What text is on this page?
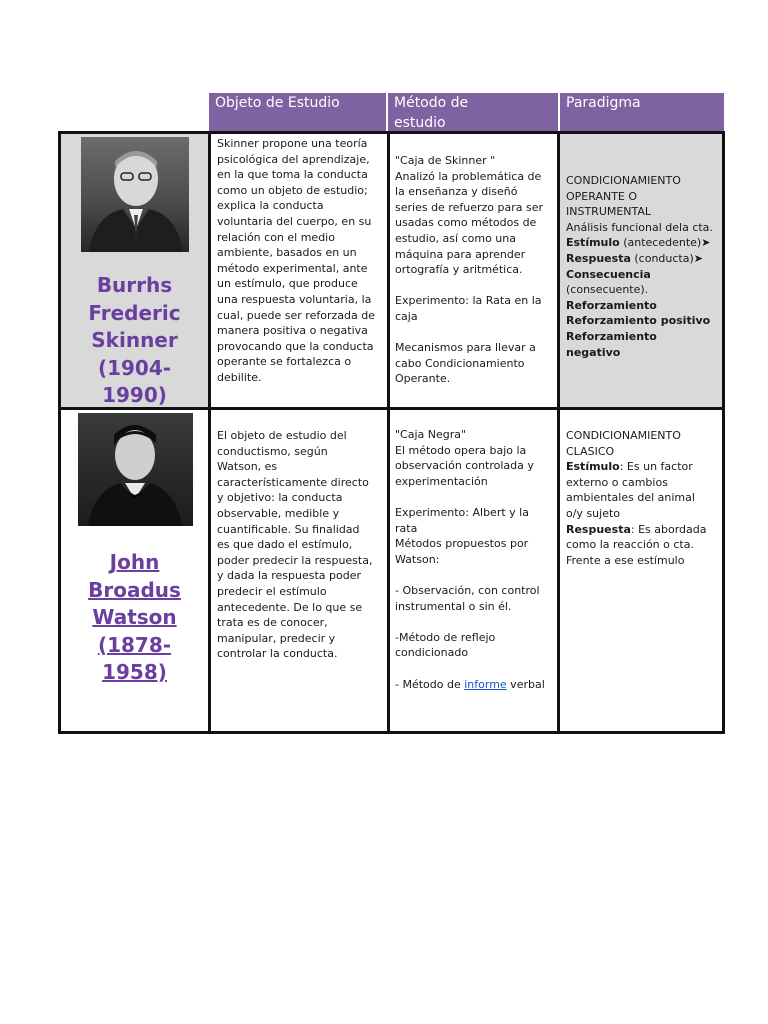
Objeto de Estudio	Método de
estudio
Paradigma
Burrhs
Frederic
Skinner
(1904-
1990)
Skinner propone una teoría
psicológica del aprendizaje,
en la que toma la conducta
como un objeto de estudio;
explica la conducta
voluntaria del cuerpo, en su
relación con el medio
ambiente, basados en un
método experimental, ante
un estímulo, que produce
una respuesta voluntaria, la
cual, puede ser reforzada de
manera positiva o negativa
provocando que la conducta
operante se fortalezca o
debilite.
"Caja de Skinner "
Analizó la problemática de
la enseñanza y diseñó
series de refuerzo para ser
usadas como métodos de
estudio, así como una
máquina para aprender
ortografía y aritmética.
Experimento: la Rata en la
caja
Mecanismos para llevar a
cabo Condicionamiento
Operante.
CONDICIONAMIENTO
OPERANTE O
INSTRUMENTAL
Análisis funcional dela cta.
Estímulo (antecedente)➤
Respuesta (conducta)➤
Consecuencia
(consecuente).
Reforzamiento
Reforzamiento positivo
Reforzamiento
negativo
John
Broadus
Watson
(1878-
1958)
El objeto de estudio del
conductismo, según
Watson, es
característicamente directo
y objetivo: la conducta
observable, medible y
cuantificable. Su finalidad
es que dado el estímulo,
poder predecir la respuesta,
y dada la respuesta poder
predecir el estímulo
antecedente. De lo que se
trata es de conocer,
manipular, predecir y
controlar la conducta.
"Caja Negra"
El método opera bajo la
observación controlada y
experimentación
Experimento: Albert y la
rata
Métodos propuestos por
Watson:
- Observación, con control
instrumental o sin él.
-Método de reflejo
condicionado
- Método de informe verbal
CONDICIONAMIENTO
CLASICO
Estímulo: Es un factor
externo o cambios
ambientales del animal
o/y sujeto
Respuesta: Es abordada
como la reacción o cta.
Frente a ese estímulo
